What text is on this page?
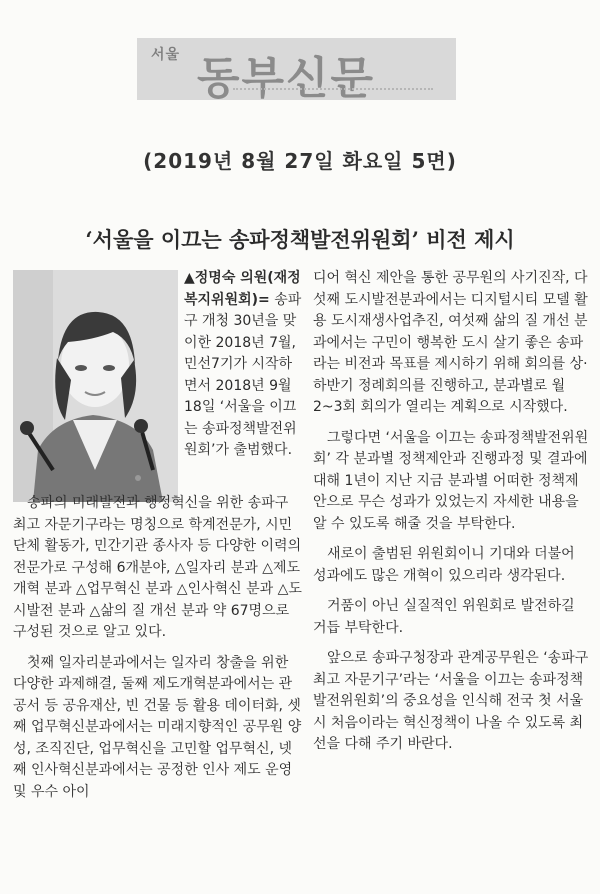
서울 동부신문
(2019년 8월 27일 화요일 5면)
‘서울을 이끄는 송파정책발전위원회’ 비전 제시
▲정명숙 의원(재정복지위원회)= 송파구 개청 30년을 맞이한 2018년 7월, 민선7기가 시작하면서 2018년 9월 18일 ‘서울을 이끄는 송파정책발전위원회’가 출범했다.

송파의 미래발전과 행정혁신을 위한 송파구 최고 자문기구라는 명칭으로 학계전문가, 시민단체 활동가, 민간기관 종사자 등 다양한 이력의 전문가로 구성해 6개분야, △일자리 분과 △제도개혁 분과 △업무혁신 분과 △인사혁신 분과 △도시발전 분과 △삶의 질 개선 분과 약 67명으로 구성된 것으로 알고 있다.

첫째 일자리분과에서는 일자리 창출을 위한 다양한 과제해결, 둘째 제도개혁분과에서는 관공서 등 공유재산, 빈 건물 등 활용 데이터화, 셋째 업무혁신분과에서는 미래지향적인 공무원 양성, 조직진단, 업무혁신을 고민할 업무혁신, 넷째 인사혁신분과에서는 공정한 인사 제도 운영 및 우수 아이

디어 혁신 제안을 통한 공무원의 사기진작, 다섯째 도시발전분과에서는 디지털시티 모델 활용 도시재생사업추진, 여섯째 삶의 질 개선 분과에서는 구민이 행복한 도시 살기 좋은 송파라는 비전과 목표를 제시하기 위해 회의를 상·하반기 정례회의를 진행하고, 분과별로 월 2~3회 회의가 열리는 계획으로 시작했다.

그렇다면 ‘서울을 이끄는 송파정책발전위원회’ 각 분과별 정책제안과 진행과정 및 결과에 대해 1년이 지난 지금 분과별 어떠한 정책제안으로 무슨 성과가 있었는지 자세한 내용을 알 수 있도록 해줄 것을 부탁한다.

새로이 출범된 위원회이니 기대와 더불어 성과에도 많은 개혁이 있으리라 생각된다.

거품이 아닌 실질적인 위원회로 발전하길 거듭 부탁한다.

앞으로 송파구청장과 관계공무원은 ‘송파구 최고 자문기구’라는 ‘서울을 이끄는 송파정책발전위원회’의 중요성을 인식해 전국 첫 서울시 처음이라는 혁신정책이 나올 수 있도록 최선을 다해 주기 바란다.
